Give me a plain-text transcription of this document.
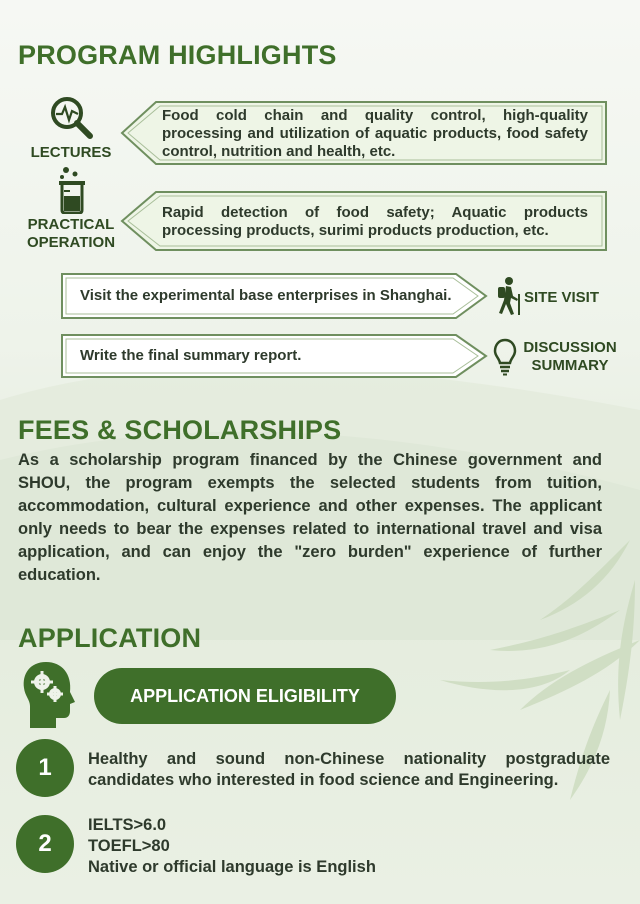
PROGRAM HIGHLIGHTS
LECTURES
Food cold chain and quality control, high-quality processing and utilization of aquatic products, food safety control, nutrition and health, etc.
PRACTICAL
OPERATION
Rapid detection of food safety; Aquatic products processing products, surimi products production, etc.
Visit the experimental base enterprises in Shanghai.	SITE VISIT
Write the final summary report.	DISCUSSION
SUMMARY
FEES & SCHOLARSHIPS
As a scholarship program financed by the Chinese government and SHOU, the program exempts the selected students from tuition, accommodation, cultural experience and other expenses. The applicant only needs to bear the expenses related to international travel and visa application, and can enjoy the "zero burden" experience of further education.
APPLICATION
APPLICATION ELIGIBILITY
1	Healthy and sound non-Chinese nationality postgraduate candidates who interested in food science and Engineering.
2
IELTS>6.0
TOEFL>80
Native or official language is English
